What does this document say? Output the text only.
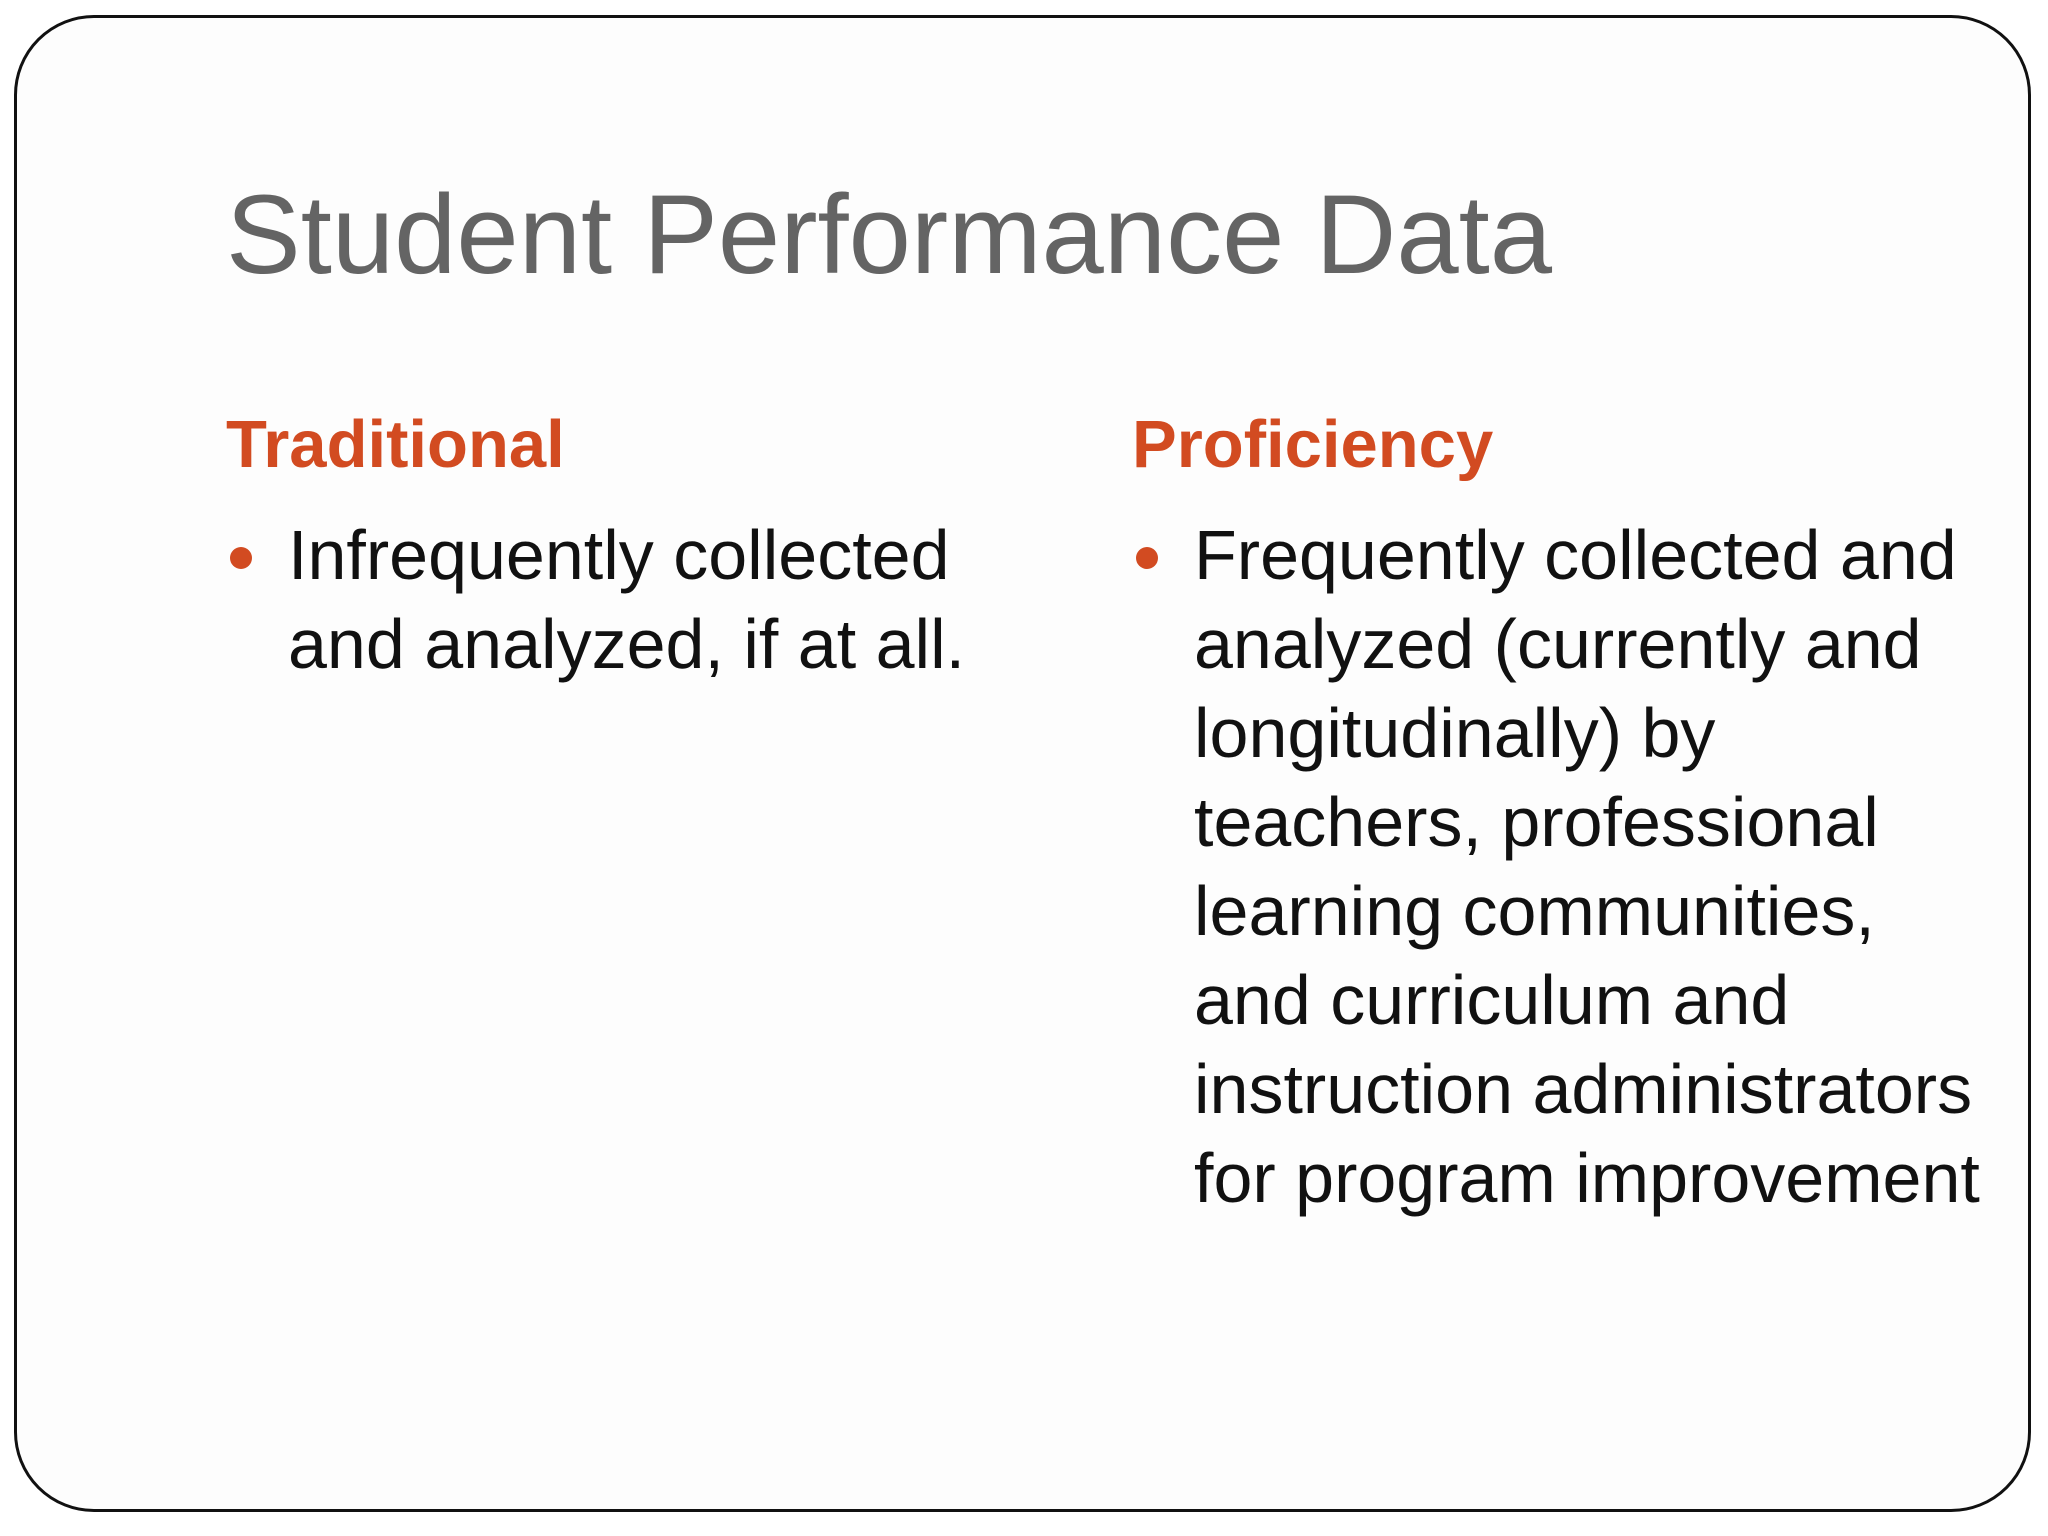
Student Performance Data
Traditional
Infrequently collected and analyzed, if at all.
Proficiency
Frequently collected and analyzed (currently and longitudinally) by teachers, professional learning communities, and curriculum and instruction administrators for program improvement
